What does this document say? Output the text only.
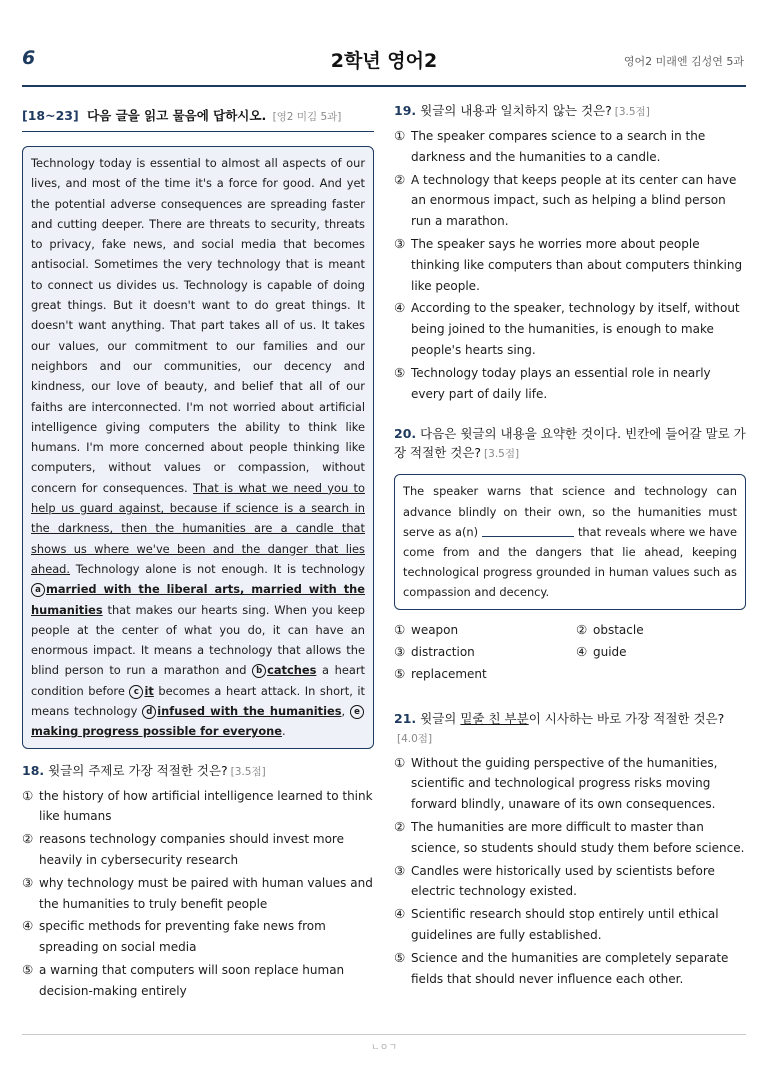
6	2학년 영어2	영어2 미래엔 김성연 5과
[18~23] 다음 글을 읽고 물음에 답하시오. [영2 미김 5과]
Technology today is essential to almost all aspects of our lives, and most of the time it's a force for good. And yet the potential adverse consequences are spreading faster and cutting deeper. There are threats to security, threats to privacy, fake news, and social media that becomes antisocial. Sometimes the very technology that is meant to connect us divides us. Technology is capable of doing great things. But it doesn't want to do great things. It doesn't want anything. That part takes all of us. It takes our values, our commitment to our families and our neighbors and our communities, our decency and kindness, our love of beauty, and belief that all of our faiths are interconnected. I'm not worried about artificial intelligence giving computers the ability to think like humans. I'm more concerned about people thinking like computers, without values or compassion, without concern for consequences. That is what we need you to help us guard against, because if science is a search in the darkness, then the humanities are a candle that shows us where we've been and the danger that lies ahead. Technology alone is not enough. It is technology a married with the liberal arts, married with the humanities that makes our hearts sing. When you keep people at the center of what you do, it can have an enormous impact. It means a technology that allows the blind person to run a marathon and b catches a heart condition before c it becomes a heart attack. In short, it means technology d infused with the humanities, emaking progress possible for everyone.
18. 윗글의 주제로 가장 적절한 것은? [3.5점]
① the history of how artificial intelligence learned to think like humans
② reasons technology companies should invest more heavily in cybersecurity research
③ why technology must be paired with human values and the humanities to truly benefit people
④ specific methods for preventing fake news from spreading on social media
⑤ a warning that computers will soon replace human decision-making entirely
19. 윗글의 내용과 일치하지 않는 것은? [3.5점]
① The speaker compares science to a search in the darkness and the humanities to a candle.
② A technology that keeps people at its center can have an enormous impact, such as helping a blind person run a marathon.
③ The speaker says he worries more about people thinking like computers than about computers thinking like people.
④ According to the speaker, technology by itself, without being joined to the humanities, is enough to make people's hearts sing.
⑤ Technology today plays an essential role in nearly every part of daily life.
20. 다음은 윗글의 내용을 요약한 것이다. 빈칸에 들어갈 말로 가장 적절한 것은? [3.5점]
The speaker warns that science and technology can advance blindly on their own, so the humanities must serve as a(n)	that reveals where we have come from and the dangers that lie ahead, keeping technological progress grounded in human values such as compassion and decency.
① weapon	② obstacle
③ distraction	④ guide
⑤ replacement
21. 윗글의 밑줄 친 부분이 시사하는 바로 가장 적절한 것은?[4.0점]
① Without the guiding perspective of the humanities, scientific and technological progress risks moving forward blindly, unaware of its own consequences.
② The humanities are more difficult to master than science, so students should study them before science.
③ Candles were historically used by scientists before electric technology existed.
④ Scientific research should stop entirely until ethical guidelines are fully established.
⑤ Science and the humanities are completely separate fields that should never influence each other.
ㄴㅇㄱ
